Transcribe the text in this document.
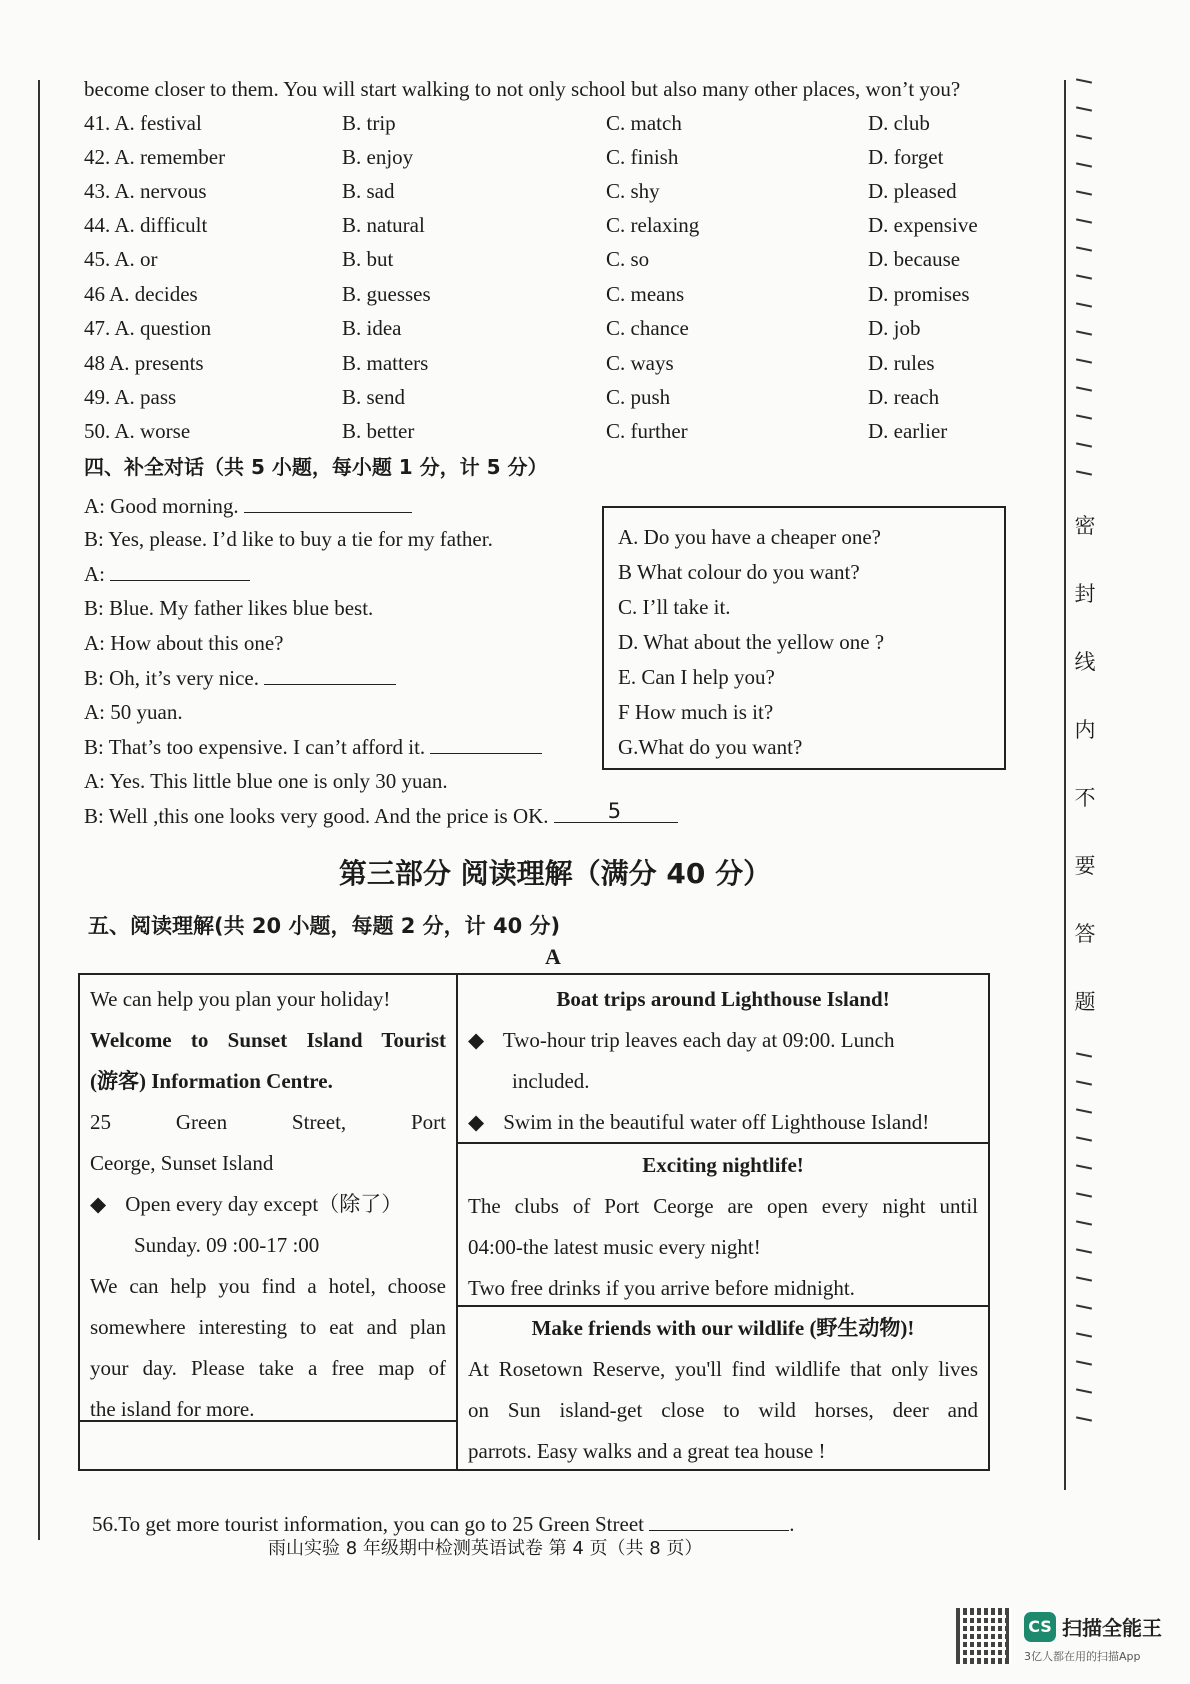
密
封
线
内
不
要
答
题
become closer to them. You will start walking to not only school but also many other places, won’t you?
41. A. festival	B. trip	C. match	D. club
42. A. remember	B. enjoy	C. finish	D. forget
43. A. nervous	B. sad	C. shy	D. pleased
44. A. difficult	B. natural	C. relaxing	D. expensive
45. A. or	B. but	C. so	D. because
46 A. decides	B. guesses	C. means	D. promises
47. A. question	B. idea	C. chance	D. job
48 A. presents	B. matters	C. ways	D. rules
49. A. pass	B. send	C. push	D. reach
50. A. worse	B. better	C. further	D. earlier
四、补全对话（共 5 小题，每小题 1 分，计 5 分）
A: Good morning.
B: Yes, please. I’d like to buy a tie for my father.
A:
B: Blue. My father likes blue best.
A: How about this one?
B: Oh, it’s very nice.
A: 50 yuan.
B: That’s too expensive. I can’t afford it.
A: Yes. This little blue one is only 30 yuan.
B: Well ,this one looks very good. And the price is OK.	5
A. Do you have a cheaper one?
B What colour do you want?
C. I’ll take it.
D. What about the yellow one ?
E. Can I help you?
F How much is it?
G.What do you want?
第三部分 阅读理解（满分 40 分）
五、阅读理解(共 20 小题，每题 2 分，计 40 分)
A
We can help you plan your holiday!
Welcome to Sunset Island Tourist
(游客) Information Centre.
25 Green Street, Port
Ceorge, Sunset Island
◆ Open every day except（除了）
Sunday. 09 :00-17 :00
We can help you find a hotel, choose
somewhere interesting to eat and plan
your day. Please take a free map of
the island for more.
Boat trips around Lighthouse Island!
◆ Two-hour trip leaves each day at 09:00. Lunch
included.
◆ Swim in the beautiful water off Lighthouse Island!
Exciting nightlife!
The clubs of Port Ceorge are open every night until
04:00-the latest music every night!
Two free drinks if you arrive before midnight.
Make friends with our wildlife (野生动物)!
At Rosetown Reserve, you'll find wildlife that only lives
on Sun island-get close to wild horses, deer and
parrots. Easy walks and a great tea house !
56.To get more tourist information, you can go to 25 Green Street	.
雨山实验 8 年级期中检测英语试卷 第 4 页（共 8 页）
CS 扫描全能王
3亿人都在用的扫描App
